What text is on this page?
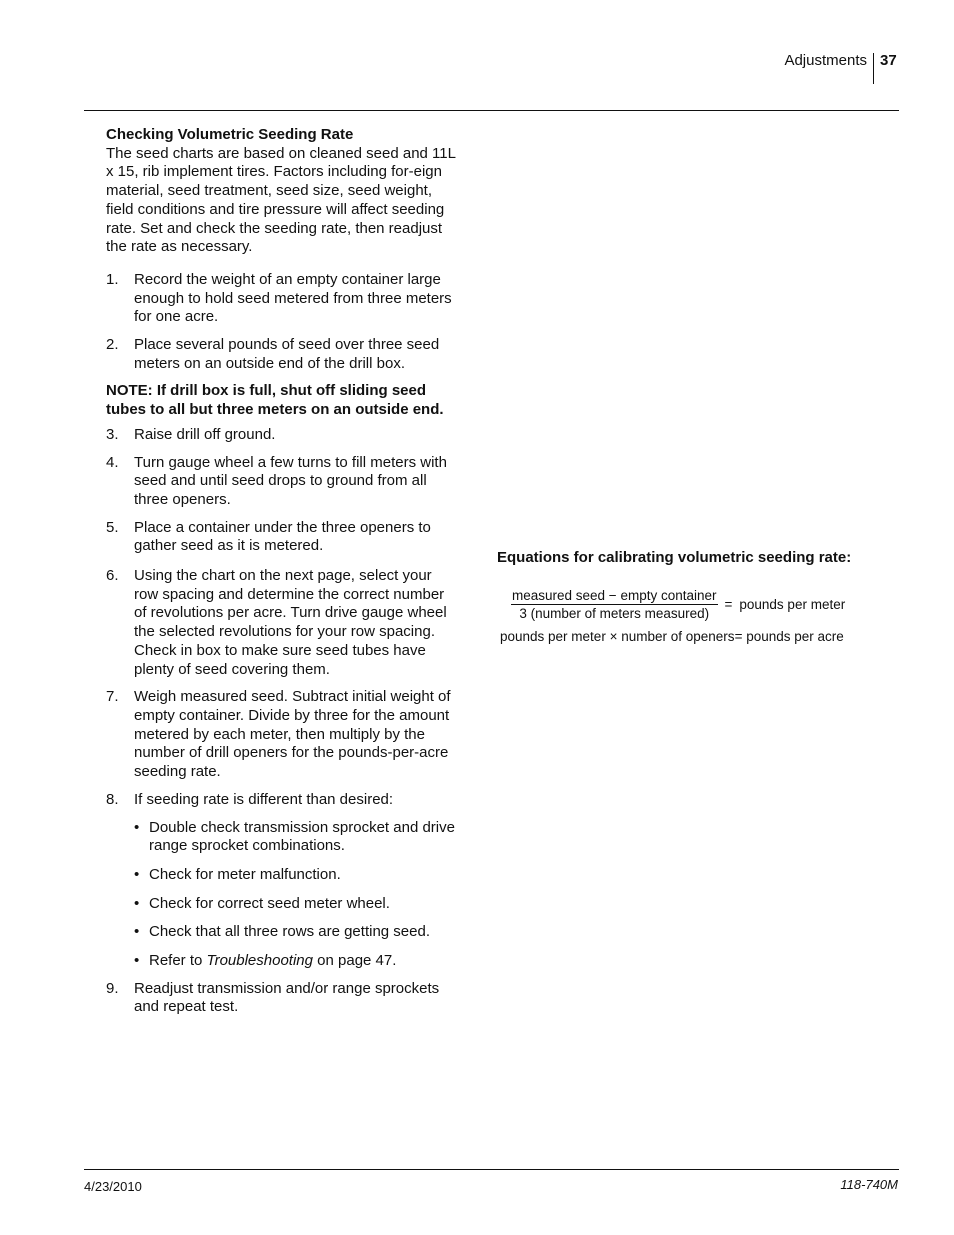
Adjustments 37
Checking Volumetric Seeding Rate

The seed charts are based on cleaned seed and 11L x 15, rib implement tires. Factors including for-eign material, seed treatment, seed size, seed weight, field conditions and tire pressure will affect seeding rate. Set and check the seeding rate, then readjust the rate as necessary.

1. Record the weight of an empty container large enough to hold seed metered from three meters for one acre.
2. Place several pounds of seed over three seed meters on an outside end of the drill box.

NOTE: If drill box is full, shut off sliding seed tubes to all but three meters on an outside end.

3. Raise drill off ground.
4. Turn gauge wheel a few turns to fill meters with seed and until seed drops to ground from all three openers.
5. Place a container under the three openers to gather seed as it is metered.
6. Using the chart on the next page, select your row spacing and determine the correct number of revolutions per acre. Turn drive gauge wheel the selected revolutions for your row spacing. Check in box to make sure seed tubes have plenty of seed covering them.
7. Weigh measured seed. Subtract initial weight of empty container. Divide by three for the amount metered by each meter, then multiply by the number of drill openers for the pounds-per-acre seeding rate.
8. If seeding rate is different than desired:
• Double check transmission sprocket and drive range sprocket combinations.
• Check for meter malfunction.
• Check for correct seed meter wheel.
• Check that all three rows are getting seed.
• Refer to Troubleshooting on page 47.
9. Readjust transmission and/or range sprockets and repeat test.
Equations for calibrating volumetric seeding rate:
$\frac{\text{measured seed − empty container}}{\text{3 (number of meters measured)}}$ = pounds per meter
pounds per meter × number of openers= pounds per acre
4/23/2010	118-740M
